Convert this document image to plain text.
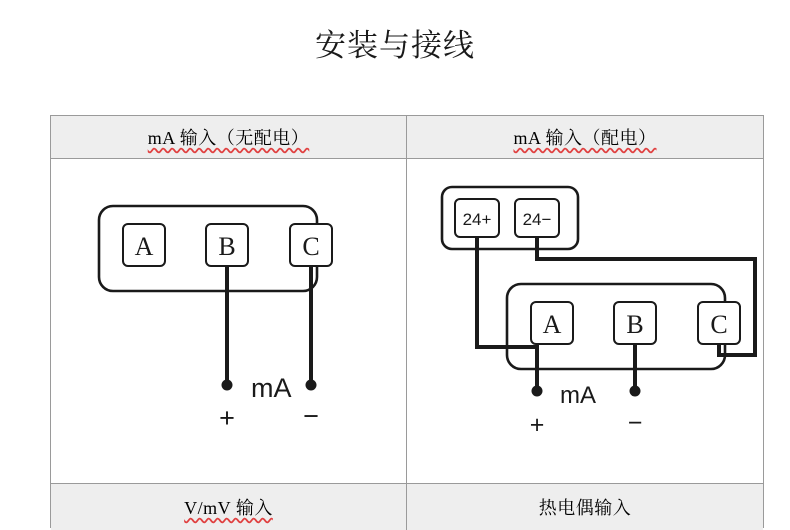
安装与接线
mA 输入（无配电）	mA 输入（配电）
A B	C
mA
+	−
24+ 24−
A B	C
mA
+	−
V/mV 输入	热电偶输入
